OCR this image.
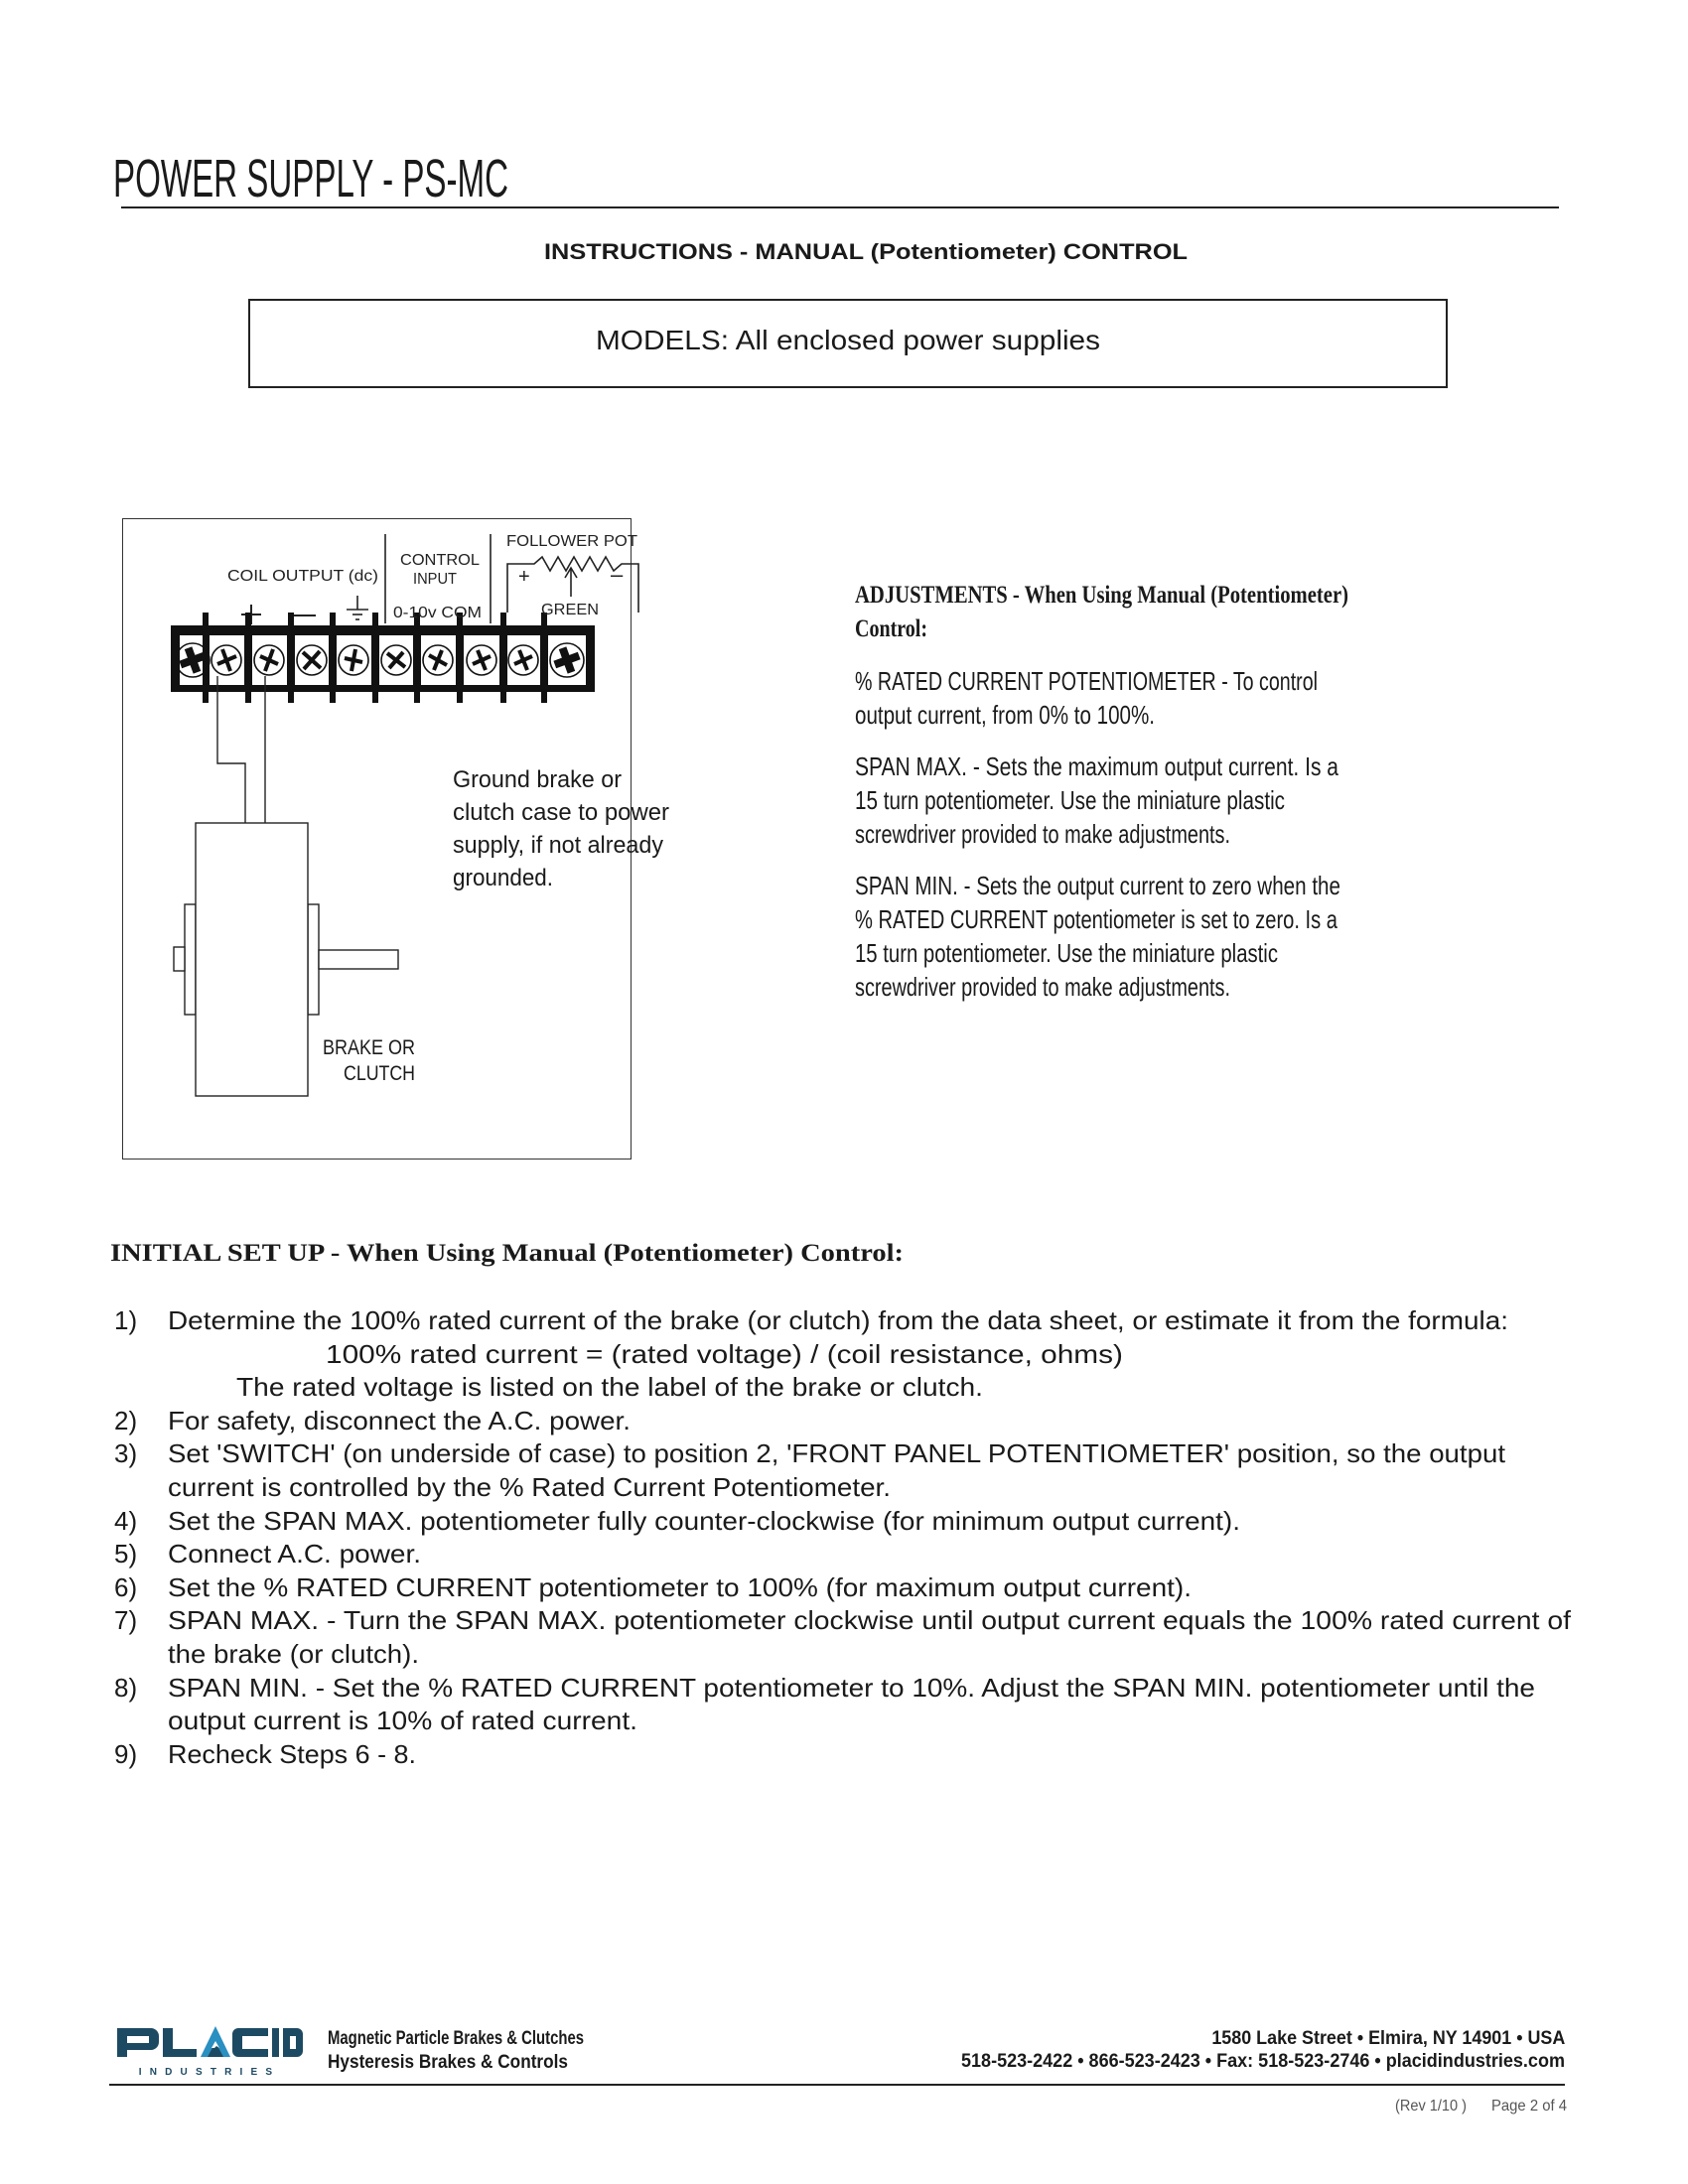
POWER SUPPLY - PS-MC
INSTRUCTIONS - MANUAL (Potentiometer) CONTROL
MODELS: All enclosed power supplies
COIL OUTPUT (dc)
CONTROL
INPUT
0-10v COM
FOLLOWER POT
+	–
GREEN
Ground brake or
clutch case to power
supply, if not already
grounded.
BRAKE OR
CLUTCH
ADJUSTMENTS - When Using Manual (Potentiometer)
Control:
% RATED CURRENT POTENTIOMETER - To control
output current, from 0% to 100%.
SPAN MAX. - Sets the maximum output current. Is a
15 turn potentiometer. Use the miniature plastic
screwdriver provided to make adjustments.
SPAN MIN. - Sets the output current to zero when the
% RATED CURRENT potentiometer is set to zero. Is a
15 turn potentiometer. Use the miniature plastic
screwdriver provided to make adjustments.
INITIAL SET UP - When Using Manual (Potentiometer) Control:
1) Determine the 100% rated current of the brake (or clutch) from the data sheet, or estimate it from the formula:
100% rated current = (rated voltage) / (coil resistance, ohms)
The rated voltage is listed on the label of the brake or clutch.
2) For safety, disconnect the A.C. power.
3) Set 'SWITCH' (on underside of case) to position 2, 'FRONT PANEL POTENTIOMETER' position, so the output
current is controlled by the % Rated Current Potentiometer.
4) Set the SPAN MAX. potentiometer fully counter-clockwise (for minimum output current).
5) Connect A.C. power.
6) Set the % RATED CURRENT potentiometer to 100% (for maximum output current).
7) SPAN MAX. - Turn the SPAN MAX. potentiometer clockwise until output current equals the 100% rated current of
the brake (or clutch).
8) SPAN MIN. - Set the % RATED CURRENT potentiometer to 10%. Adjust the SPAN MIN. potentiometer until the
output current is 10% of rated current.
9) Recheck Steps 6 - 8.
INDUSTRIES
Magnetic Particle Brakes & Clutches
Hysteresis Brakes & Controls
1580 Lake Street • Elmira, NY 14901 • USA
518-523-2422 • 866-523-2423 • Fax: 518-523-2746 • placidindustries.com
(Rev 1/10 )	Page 2 of 4
